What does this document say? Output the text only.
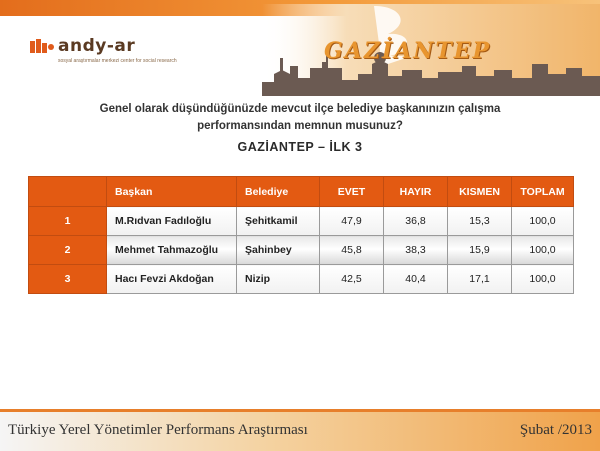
andy-ar
sosyal araştırmalar merkezi center for social research	GAZİANTEP
Genel olarak düşündüğünüzde mevcut ilçe belediye başkanınızın çalışma
performansından memnun musunuz?
GAZİANTEP – İLK 3
	Başkan	Belediye	EVET	HAYIR	KISMEN	TOPLAM
1	M.Rıdvan Fadıloğlu	Şehitkamil	47,9	36,8	15,3	100,0
2	Mehmet Tahmazoğlu	Şahinbey	45,8	38,3	15,9	100,0
3	Hacı Fevzi Akdoğan	Nizip	42,5	40,4	17,1	100,0
Türkiye Yerel Yönetimler Performans Araştırması	Şubat /2013
